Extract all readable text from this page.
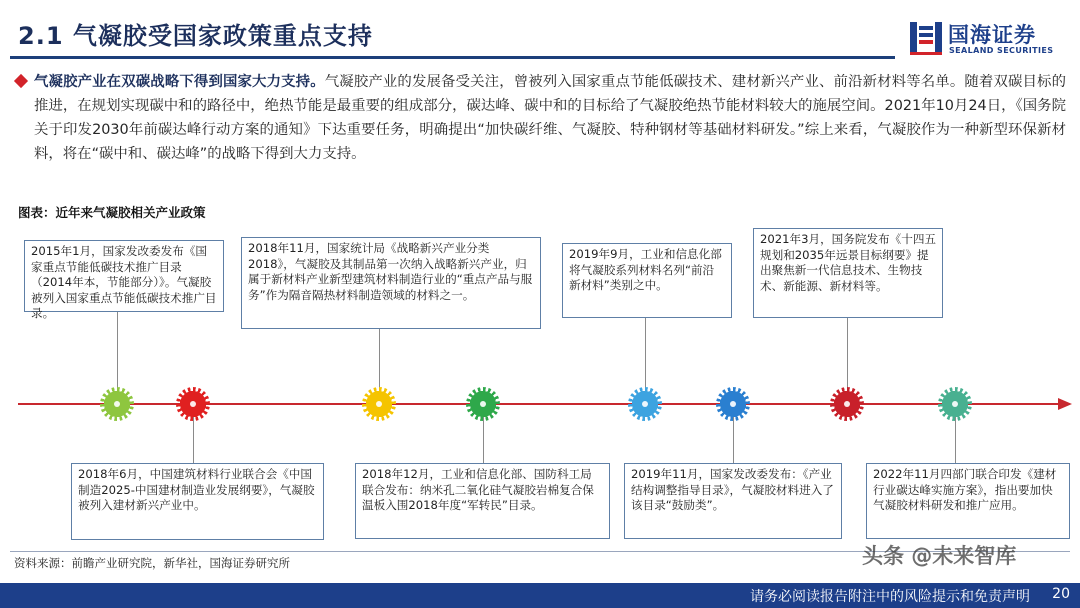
2.1 气凝胶受国家政策重点支持	国海证券
SEALAND SECURITIES

气凝胶产业在双碳战略下得到国家大力支持。气凝胶产业的发展备受关注，曾被列入国家重点节能低碳技术、建材新兴产业、前沿新材料等名单。随着双碳目标的推进，在规划实现碳中和的路径中，绝热节能是最重要的组成部分，碳达峰、碳中和的目标给了气凝胶绝热节能材料较大的施展空间。2021年10月24日，《国务院关于印发2030年前碳达峰行动方案的通知》下达重要任务，明确提出“加快碳纤维、气凝胶、特种钢材等基础材料研发。”综上来看，气凝胶作为一种新型环保新材料，将在“碳中和、碳达峰”的战略下得到大力支持。

图表：近年来气凝胶相关产业政策
2015年1月，国家发改委发布《国家重点节能低碳技术推广目录（2014年本，节能部分）》。气凝胶被列入国家重点节能低碳技术推广目录。
2018年11月，国家统计局《战略新兴产业分类2018》，气凝胶及其制品第一次纳入战略新兴产业，归属于新材料产业新型建筑材料制造行业的“重点产品与服务”作为隔音隔热材料制造领域的材料之一。
2019年9月，工业和信息化部将气凝胶系列材料名列“前沿新材料”类别之中。
2021年3月，国务院发布《十四五规划和2035年远景目标纲要》提出聚焦新一代信息技术、生物技术、新能源、新材料等。
2018年6月，中国建筑材料行业联合会《中国制造2025-中国建材制造业发展纲要》，气凝胶被列入建材新兴产业中。
2018年12月，工业和信息化部、国防科工局联合发布：纳米孔二氧化硅气凝胶岩棉复合保温板入围2018年度“军转民”目录。
2019年11月，国家发改委发布：《产业结构调整指导目录》，气凝胶材料进入了该目录“鼓励类”。
2022年11月四部门联合印发《建材行业碳达峰实施方案》，指出要加快气凝胶材料研发和推广应用。
资料来源：前瞻产业研究院，新华社，国海证券研究所	头条 @未来智库
请务必阅读报告附注中的风险提示和免责声明 20
